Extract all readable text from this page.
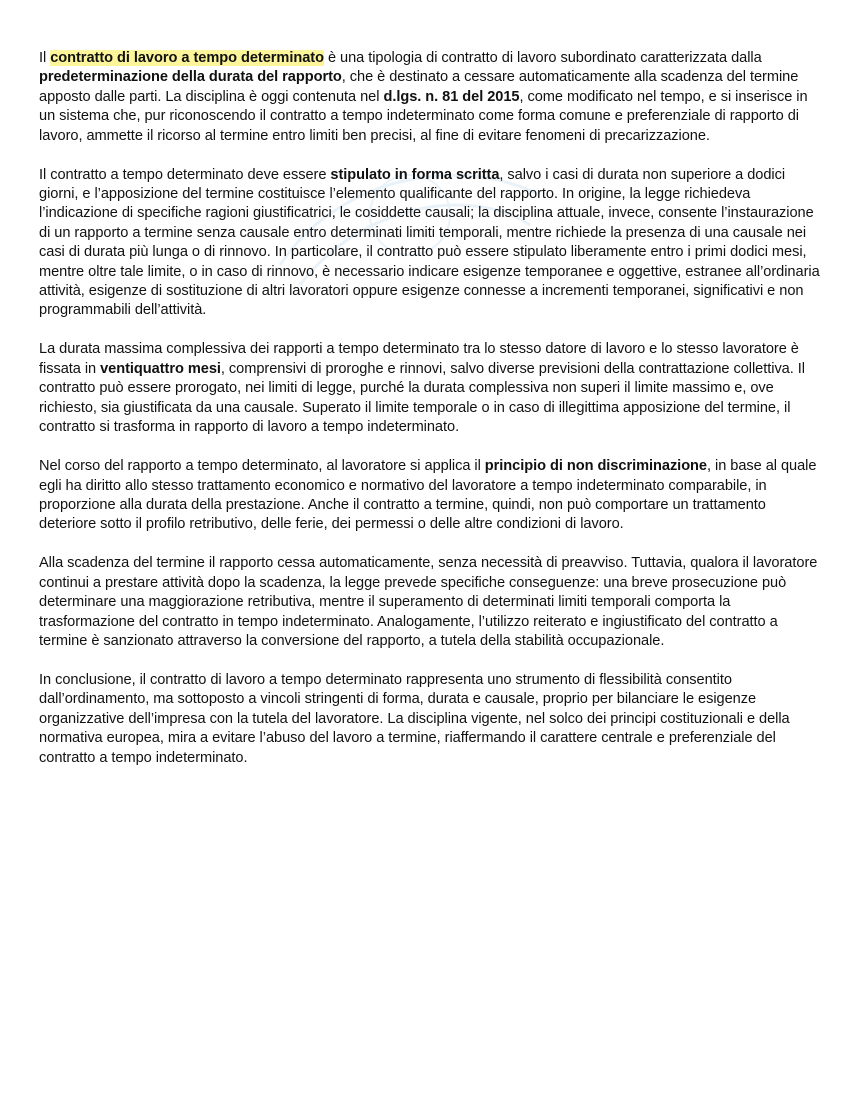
Il contratto di lavoro a tempo determinato è una tipologia di contratto di lavoro subordinato caratterizzata dalla predeterminazione della durata del rapporto, che è destinato a cessare automaticamente alla scadenza del termine apposto dalle parti. La disciplina è oggi contenuta nel d.lgs. n. 81 del 2015, come modificato nel tempo, e si inserisce in un sistema che, pur riconoscendo il contratto a tempo indeterminato come forma comune e preferenziale di rapporto di lavoro, ammette il ricorso al termine entro limiti ben precisi, al fine di evitare fenomeni di precarizzazione.

Il contratto a tempo determinato deve essere stipulato in forma scritta, salvo i casi di durata non superiore a dodici giorni, e l’apposizione del termine costituisce l’elemento qualificante del rapporto. In origine, la legge richiedeva l’indicazione di specifiche ragioni giustificatrici, le cosiddette causali; la disciplina attuale, invece, consente l’instaurazione di un rapporto a termine senza causale entro determinati limiti temporali, mentre richiede la presenza di una causale nei casi di durata più lunga o di rinnovo. In particolare, il contratto può essere stipulato liberamente entro i primi dodici mesi, mentre oltre tale limite, o in caso di rinnovo, è necessario indicare esigenze temporanee e oggettive, estranee all’ordinaria attività, esigenze di sostituzione di altri lavoratori oppure esigenze connesse a incrementi temporanei, significativi e non programmabili dell’attività.

La durata massima complessiva dei rapporti a tempo determinato tra lo stesso datore di lavoro e lo stesso lavoratore è fissata in ventiquattro mesi, comprensivi di proroghe e rinnovi, salvo diverse previsioni della contrattazione collettiva. Il contratto può essere prorogato, nei limiti di legge, purché la durata complessiva non superi il limite massimo e, ove richiesto, sia giustificata da una causale. Superato il limite temporale o in caso di illegittima apposizione del termine, il contratto si trasforma in rapporto di lavoro a tempo indeterminato.

Nel corso del rapporto a tempo determinato, al lavoratore si applica il principio di non discriminazione, in base al quale egli ha diritto allo stesso trattamento economico e normativo del lavoratore a tempo indeterminato comparabile, in proporzione alla durata della prestazione. Anche il contratto a termine, quindi, non può comportare un trattamento deteriore sotto il profilo retributivo, delle ferie, dei permessi o delle altre condizioni di lavoro.

Alla scadenza del termine il rapporto cessa automaticamente, senza necessità di preavviso. Tuttavia, qualora il lavoratore continui a prestare attività dopo la scadenza, la legge prevede specifiche conseguenze: una breve prosecuzione può determinare una maggiorazione retributiva, mentre il superamento di determinati limiti temporali comporta la trasformazione del contratto in tempo indeterminato. Analogamente, l’utilizzo reiterato e ingiustificato del contratto a termine è sanzionato attraverso la conversione del rapporto, a tutela della stabilità occupazionale.

In conclusione, il contratto di lavoro a tempo determinato rappresenta uno strumento di flessibilità consentito dall’ordinamento, ma sottoposto a vincoli stringenti di forma, durata e causale, proprio per bilanciare le esigenze organizzative dell’impresa con la tutela del lavoratore. La disciplina vigente, nel solco dei principi costituzionali e della normativa europea, mira a evitare l’abuso del lavoro a termine, riaffermando il carattere centrale e preferenziale del contratto a tempo indeterminato.
